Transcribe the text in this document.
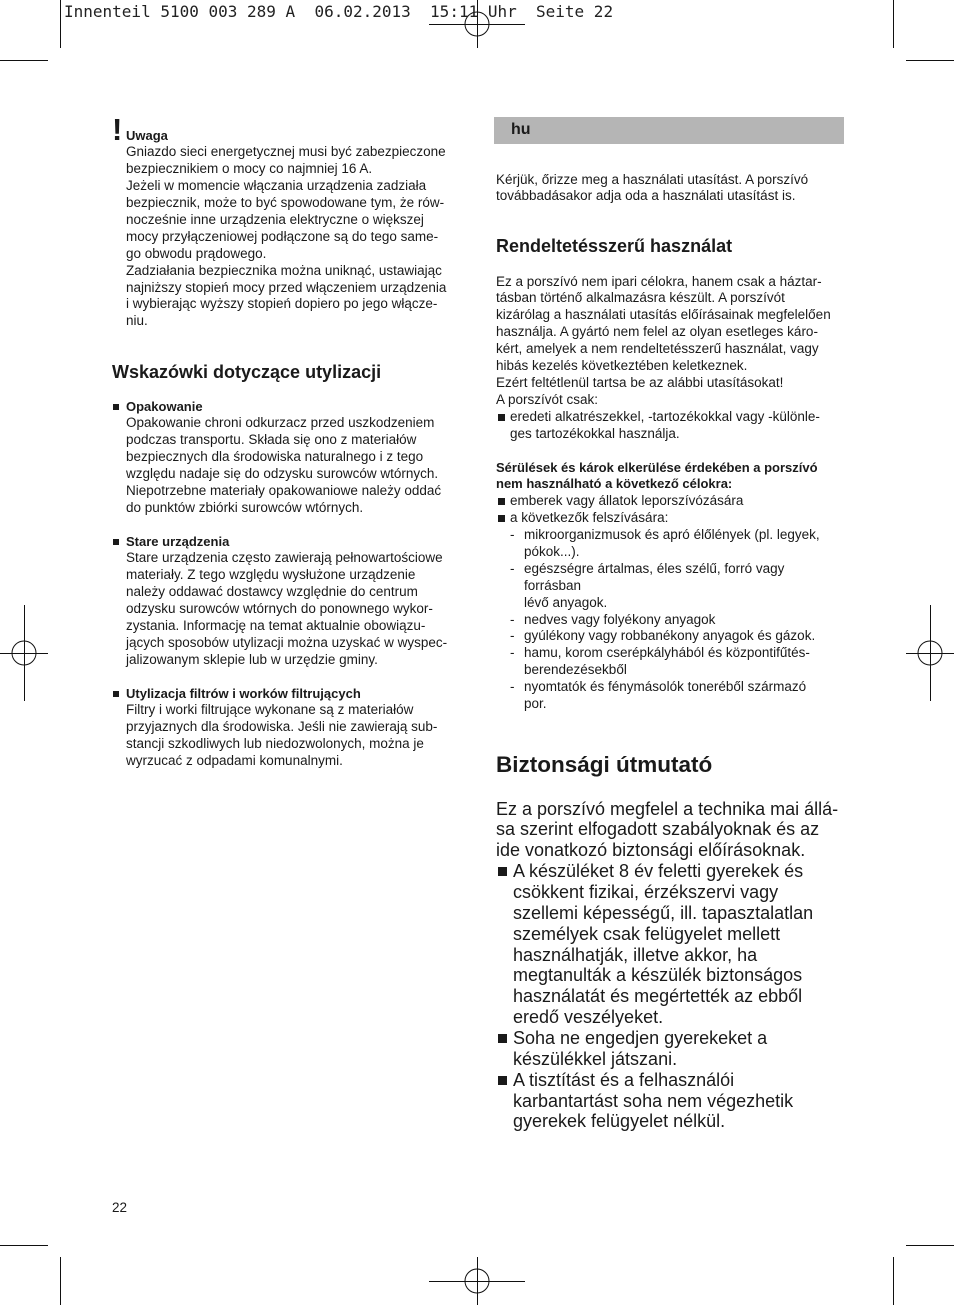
Innenteil 5100 003 289 A  06.02.2013  15:11 Uhr  Seite 22
! Uwaga
Gniazdo sieci energetycznej musi być zabezpieczone
bezpiecznikiem o mocy co najmniej 16 A.
Jeżeli w momencie włączania urządzenia zadziała
bezpiecznik, może to być spowodowane tym, że rów-
nocześnie inne urządzenia elektryczne o większej
mocy przyłączeniowej podłączone są do tego same-
go obwodu prądowego.
Zadziałania bezpiecznika można uniknąć, ustawiając
najniższy stopień mocy przed włączeniem urządzenia
i wybierając wyższy stopień dopiero po jego włącze-
niu.
Wskazówki dotyczące utylizacji
Opakowanie
Opakowanie chroni odkurzacz przed uszkodzeniem
podczas transportu. Składa się ono z materiałów
bezpiecznych dla środowiska naturalnego i z tego
względu nadaje się do odzysku surowców wtórnych.
Niepotrzebne materiały opakowaniowe należy oddać
do punktów zbiórki surowców wtórnych.
Stare urządzenia
Stare urządzenia często zawierają pełnowartościowe
materiały. Z tego względu wysłużone urządzenie
należy oddawać dostawcy względnie do centrum
odzysku surowców wtórnych do ponownego wykor-
zystania. Informację na temat aktualnie obowiązu-
jących sposobów utylizacji można uzyskać w wyspec-
jalizowanym sklepie lub w urzędzie gminy.
Utylizacja filtrów i worków filtrujących
Filtry i worki filtrujące wykonane są z materiałów
przyjaznych dla środowiska. Jeśli nie zawierają sub-
stancji szkodliwych lub niedozwolonych, można je
wyrzucać z odpadami komunalnymi.
hu
Kérjük, őrizze meg a használati utasítást. A porszívó
továbbadásakor adja oda a használati utasítást is.
Rendeltetésszerű használat
Ez a porszívó nem ipari célokra, hanem csak a háztar-
tásban történő alkalmazásra készült. A porszívót
kizárólag a használati utasítás előírásainak megfelelően
használja. A gyártó nem felel az olyan esetleges káro-
kért, amelyek a nem rendeltetésszerű használat, vagy
hibás kezelés következtében keletkeznek.
Ezért feltétlenül tartsa be az alábbi utasításokat!
A porszívót csak:
eredeti alkatrészekkel, -tartozékokkal vagy -különle-
ges tartozékokkal használja.
Sérülések és károk elkerülése érdekében a porszívó
nem használható a következő célokra:
emberek vagy állatok leporszívózására
a következők felszívására:
- mikroorganizmusok és apró élőlények (pl. legyek,
pókok...).
- egészségre ártalmas, éles szélű, forró vagy
forrásban
lévő anyagok.
- nedves vagy folyékony anyagok
- gyúlékony vagy robbanékony anyagok és gázok.
- hamu, korom cserépkályhából és központifűtés-
berendezésekből
- nyomtatók és fénymásolók toneréből származó
por.
Biztonsági útmutató
Ez a porszívó megfelel a technika mai állá-
sa szerint elfogadott szabályoknak és az
ide vonatkozó biztonsági előírásoknak.
A készüléket 8 év feletti gyerekek és
csökkent fizikai, érzékszervi vagy
szellemi képességű, ill. tapasztalatlan
személyek csak felügyelet mellett
használhatják, illetve akkor, ha
megtanulták a készülék biztonságos
használatát és megértették az ebből
eredő veszélyeket.
Soha ne engedjen gyerekeket a
készülékkel játszani.
A tisztítást és a felhasználói
karbantartást soha nem végezhetik
gyerekek felügyelet nélkül.
22
